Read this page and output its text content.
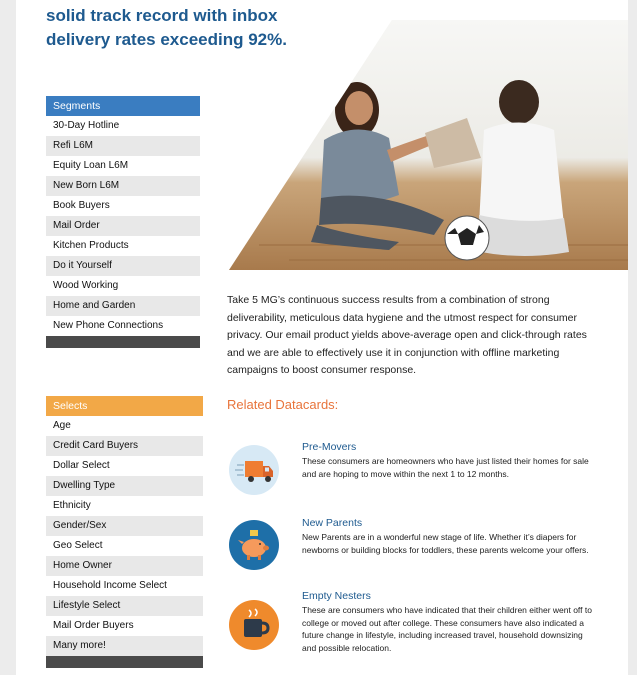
solid track record with inbox
delivery rates exceeding 92%.
Segments
30-Day Hotline
Refi L6M
Equity Loan L6M
New Born L6M
Book Buyers
Mail Order
Kitchen Products
Do it Yourself
Wood Working
Home and Garden
New Phone Connections
Selects
Age
Credit Card Buyers
Dollar Select
Dwelling Type
Ethnicity
Gender/Sex
Geo Select
Home Owner
Household Income Select
Lifestyle Select
Mail Order Buyers
Many more!
Take 5 MG’s continuous success results from a combination of strong deliverability, meticulous data hygiene and the utmost respect for consumer privacy. Our email product yields above-average open and click-through rates and we are able to effectively use it in conjunction with offline marketing campaigns to boost consumer response.
Related Datacards:
Pre-Movers
These consumers are homeowners who have just listed their homes for sale and are hoping to move within the next 1 to 12 months.
New Parents
New Parents are in a wonderful new stage of life. Whether it’s diapers for newborns or building blocks for toddlers, these parents welcome your offers.
Empty Nesters
These are consumers who have indicated that their children either went off to college or moved out after college. These consumers have also indicated a future change in lifestyle, including increased travel, household downsizing and possible relocation.
